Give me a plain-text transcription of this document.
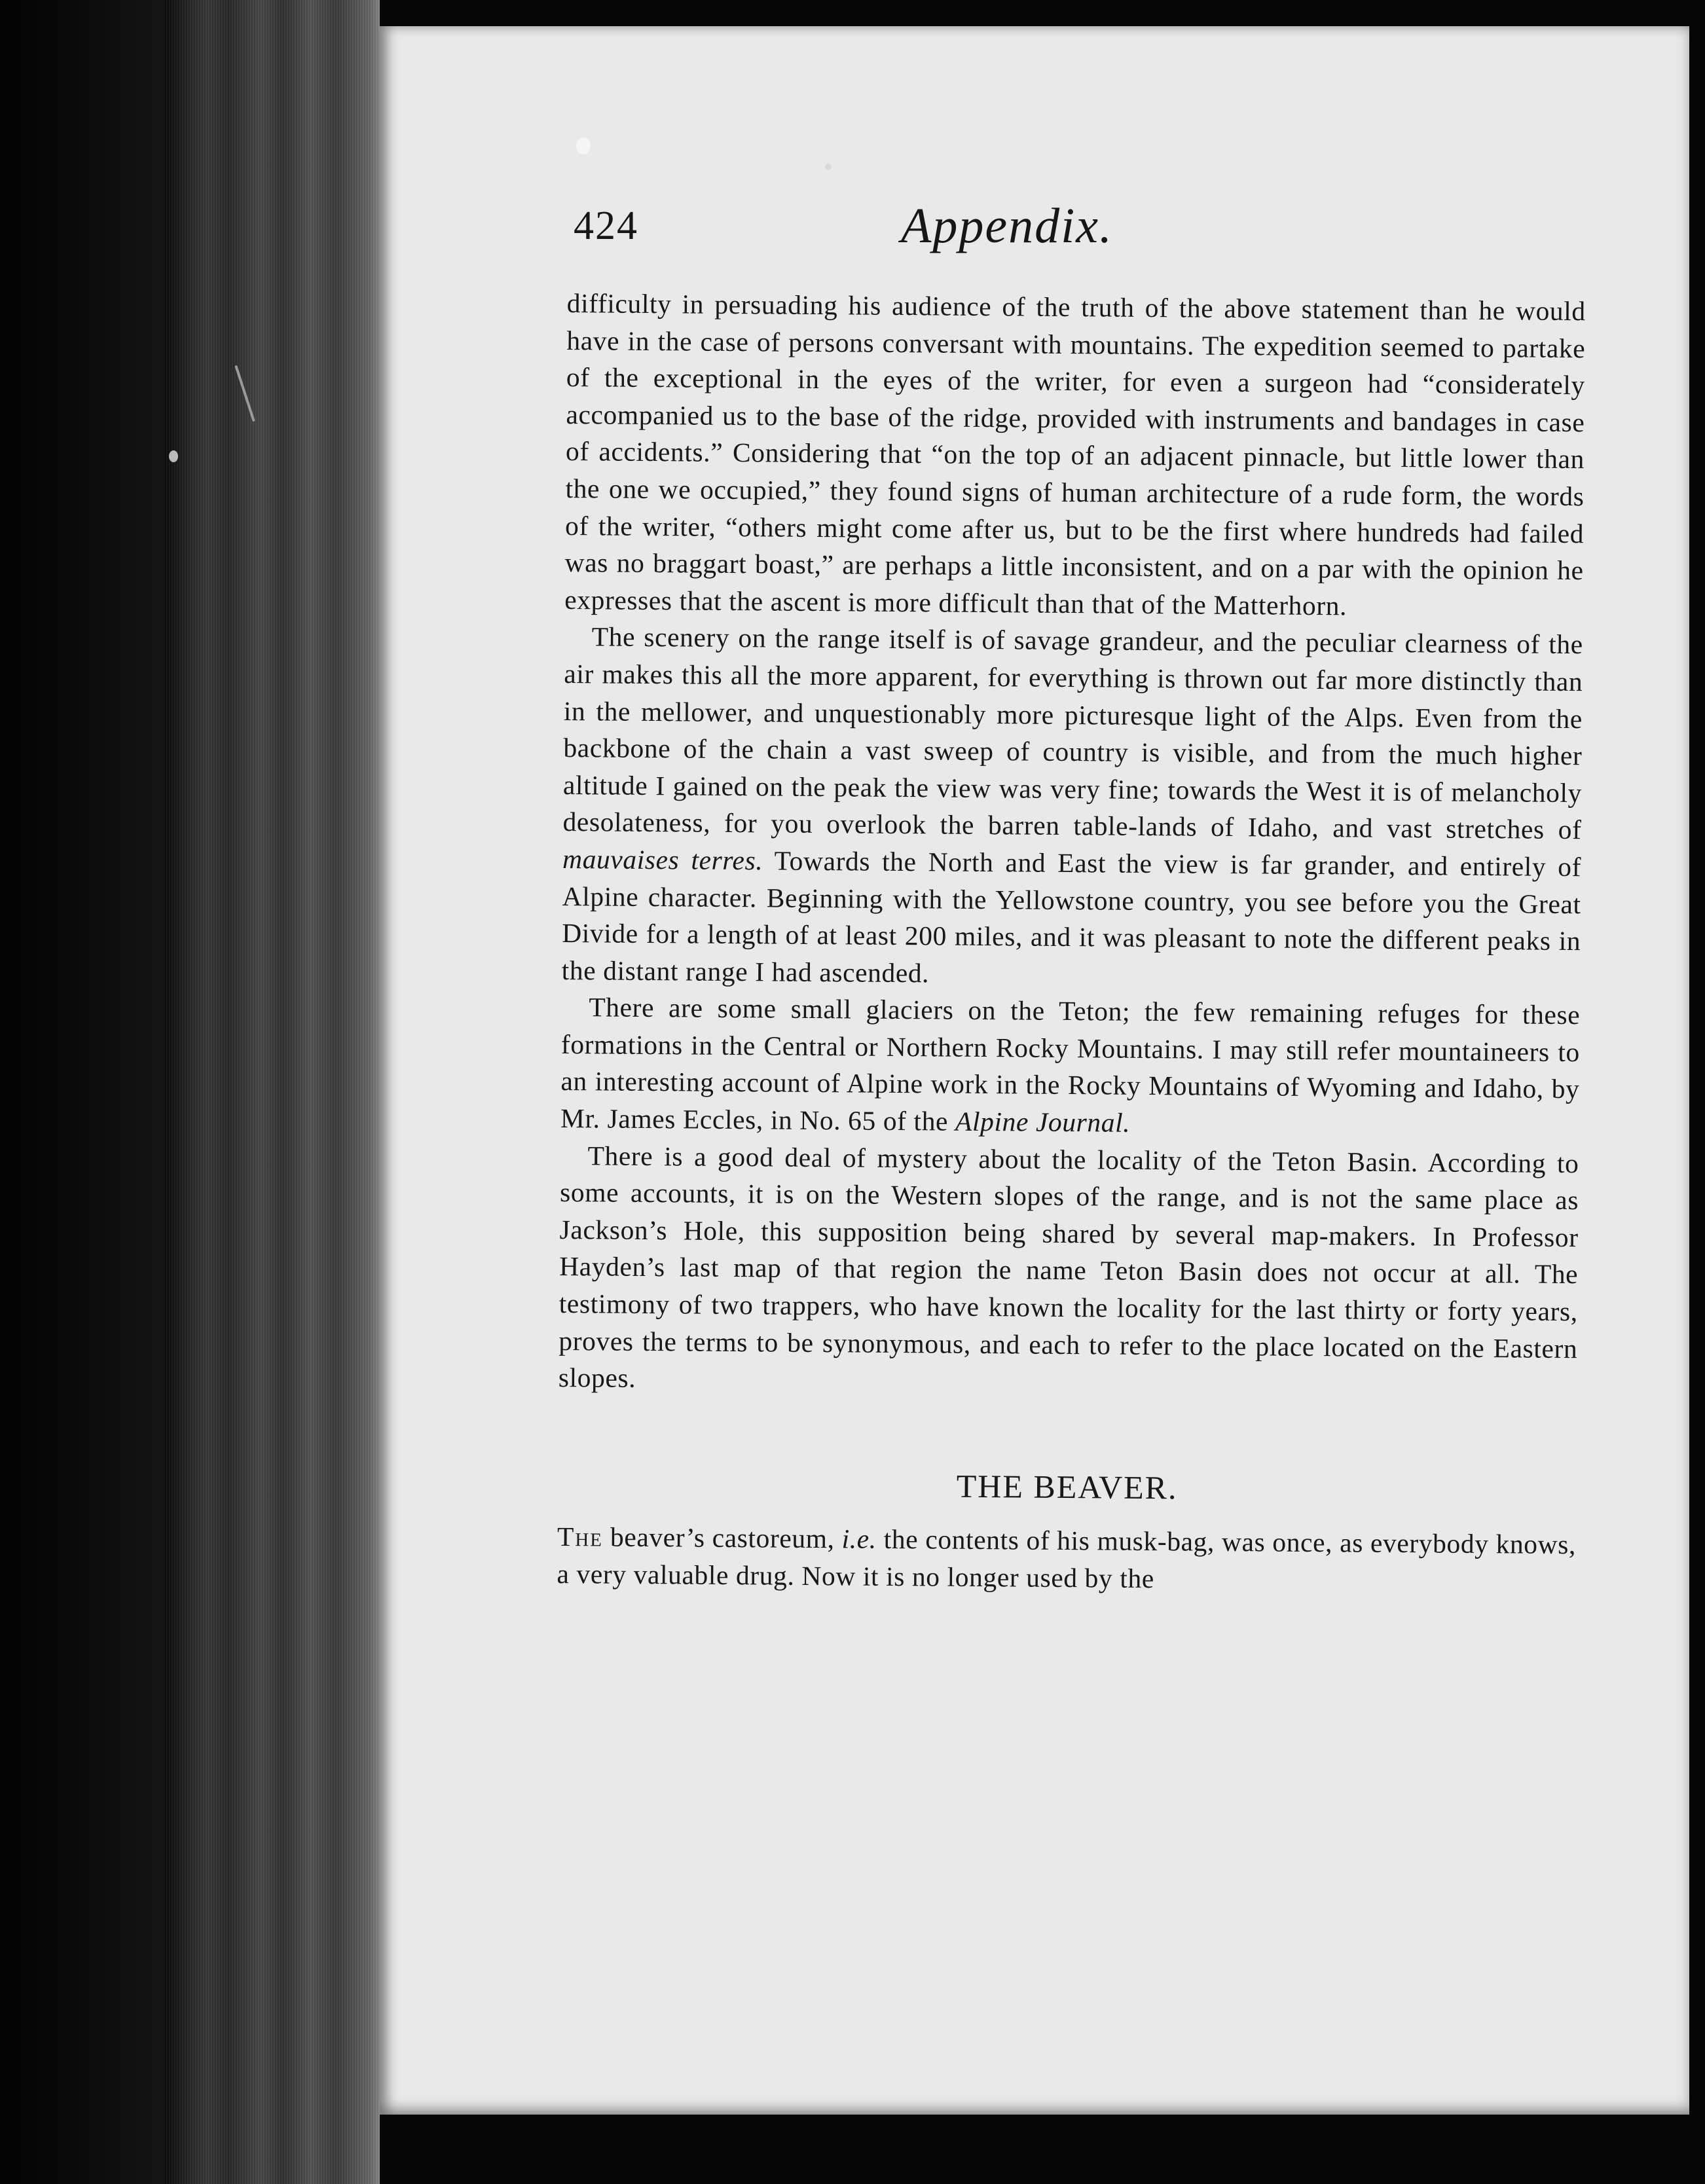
424	Appendix.

difficulty in persuading his audience of the truth of the above statement than he would have in the case of persons conversant with mountains. The expedition seemed to partake of the exceptional in the eyes of the writer, for even a surgeon had “considerately accompanied us to the base of the ridge, provided with instruments and bandages in case of accidents.” Considering that “on the top of an adjacent pinnacle, but little lower than the one we occupied,” they found signs of human architecture of a rude form, the words of the writer, “others might come after us, but to be the first where hundreds had failed was no braggart boast,” are perhaps a little inconsistent, and on a par with the opinion he expresses that the ascent is more difficult than that of the Matterhorn.

The scenery on the range itself is of savage grandeur, and the peculiar clearness of the air makes this all the more apparent, for everything is thrown out far more distinctly than in the mellower, and unquestionably more picturesque light of the Alps. Even from the backbone of the chain a vast sweep of country is visible, and from the much higher altitude I gained on the peak the view was very fine; towards the West it is of melancholy desolateness, for you overlook the barren table-lands of Idaho, and vast stretches of mauvaises terres. Towards the North and East the view is far grander, and entirely of Alpine character. Beginning with the Yellowstone country, you see before you the Great Divide for a length of at least 200 miles, and it was pleasant to note the different peaks in the distant range I had ascended.

There are some small glaciers on the Teton; the few remaining refuges for these formations in the Central or Northern Rocky Mountains. I may still refer mountaineers to an interesting account of Alpine work in the Rocky Mountains of Wyoming and Idaho, by Mr. James Eccles, in No. 65 of the Alpine Journal.

There is a good deal of mystery about the locality of the Teton Basin. According to some accounts, it is on the Western slopes of the range, and is not the same place as Jackson’s Hole, this supposition being shared by several map-makers. In Professor Hayden’s last map of that region the name Teton Basin does not occur at all. The testimony of two trappers, who have known the locality for the last thirty or forty years, proves the terms to be synonymous, and each to refer to the place located on the Eastern slopes.

THE BEAVER.

The beaver’s castoreum, i.e. the contents of his musk-bag, was once, as everybody knows, a very valuable drug. Now it is no longer used by the
